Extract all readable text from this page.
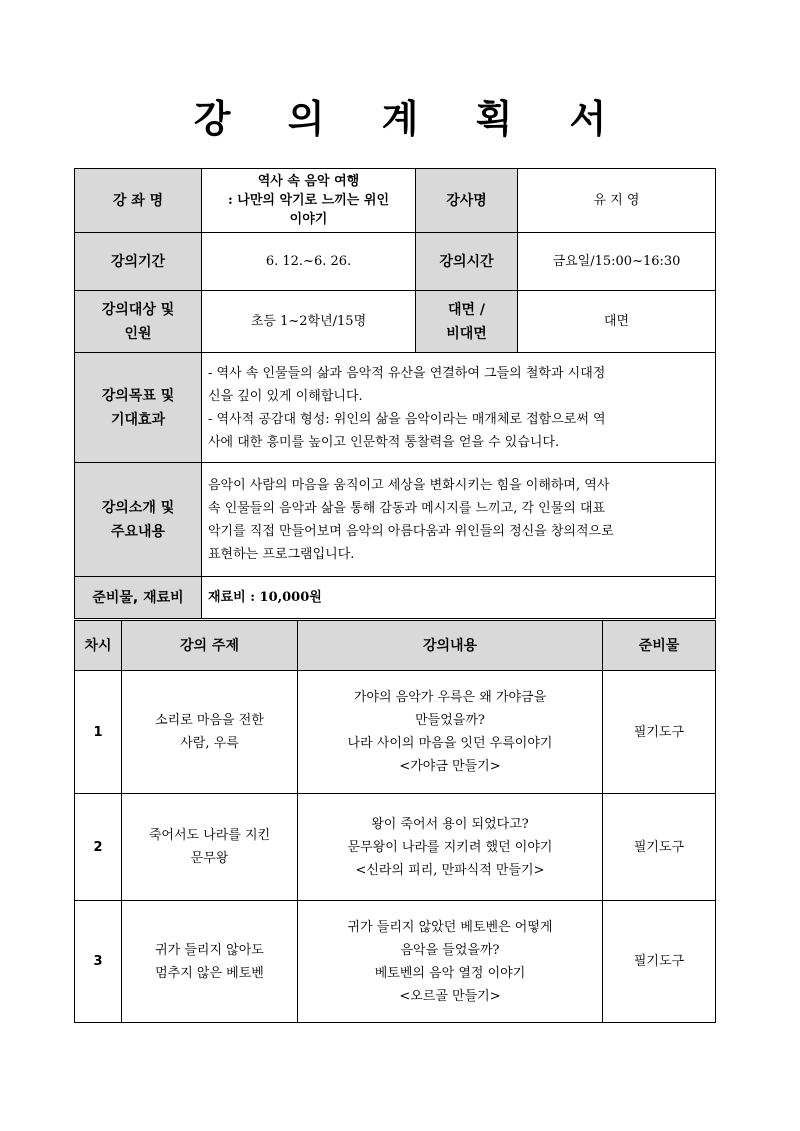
강 의 계 획 서
강 좌 명	역사 속 음악 여행
: 나만의 악기로 느끼는 위인
이야기	강사명	유 지 영
강의기간	6. 12.~6. 26.	강의시간	금요일/15:00~16:30

강의대상 및
인원	초등 1~2학년/15명	대면 /
비대면	대면

강의목표 및
기대효과	- 역사 속 인물들의 삶과 음악적 유산을 연결하여 그들의 철학과 시대정
신을 깊이 있게 이해합니다.
- 역사적 공감대 형성: 위인의 삶을 음악이라는 매개체로 접함으로써 역
사에 대한 흥미를 높이고 인문학적 통찰력을 얻을 수 있습니다.		

강의소개 및
주요내용	음악이 사람의 마음을 움직이고 세상을 변화시키는 힘을 이해하며, 역사
속 인물들의 음악과 삶을 통해 감동과 메시지를 느끼고, 각 인물의 대표
악기를 직접 만들어보며 음악의 아름다움과 위인들의 정신을 창의적으로
표현하는 프로그램입니다.		

준비물, 재료비	재료비 : 10,000원		
차시	강의 주제	강의내용	준비물
1	소리로 마음을 전한
사람, 우륵	가야의 음악가 우륵은 왜 가야금을
만들었을까?
나라 사이의 마음을 잇던 우륵이야기
<가야금 만들기>	필기도구
2	죽어서도 나라를 지킨
문무왕	왕이 죽어서 용이 되었다고?
문무왕이 나라를 지키려 했던 이야기
<신라의 피리, 만파식적 만들기>	필기도구
3	귀가 들리지 않아도
멈추지 않은 베토벤	귀가 들리지 않았던 베토벤은 어떻게
음악을 들었을까?
베토벤의 음악 열정 이야기
<오르골 만들기>	필기도구
